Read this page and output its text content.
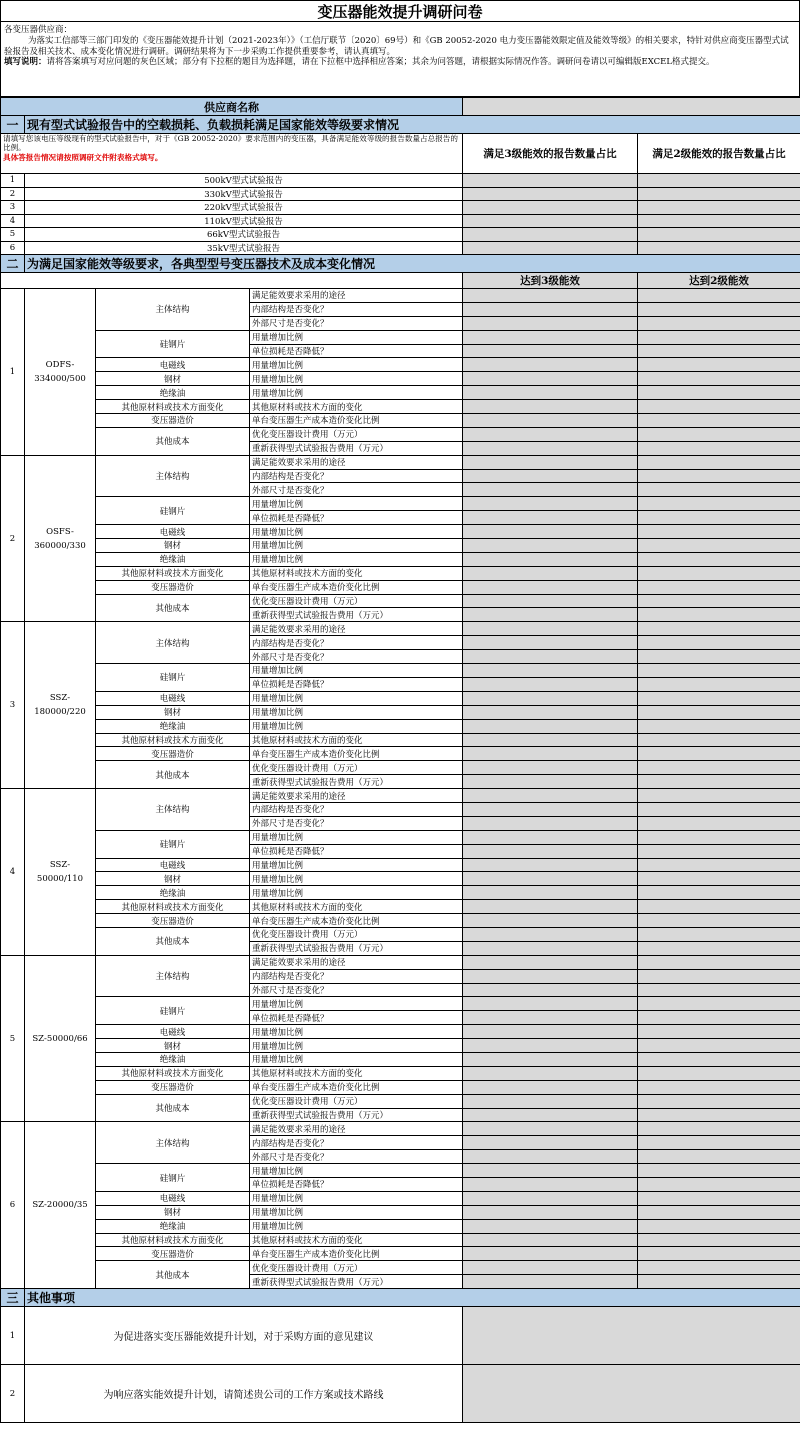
变压器能效提升调研问卷

各变压器供应商：

为落实工信部等三部门印发的《变压器能效提升计划（2021-2023年）》（工信厅联节〔2020〕69号）和《GB 20052-2020 电力变压器能效限定值及能效等级》的相关要求，特针对供应商变压器型式试验报告及相关技术、成本变化情况进行调研。调研结果将为下一步采购工作提供重要参考，请认真填写。

填写说明：请将答案填写对应问题的灰色区域；部分有下拉框的题目为选择题，请在下拉框中选择相应答案；其余为问答题，请根据实际情况作答。调研问卷请以可编辑版EXCEL格式提交。

供应商名称					
一	现有型式试验报告中的空载损耗、负载损耗满足国家能效等级要求情况				

请填写您该电压等级现有的型式试验报告中，对于《GB 20052-2020》要求范围内的变压器，具备满足能效等级的报告数量占总报告的比例。
具体答报告情况请按照调研文件附表格式填写。				满足3级能效的报告数量占比	满足2级能效的报告数量占比
1	500kV型式试验报告				
2	330kV型式试验报告				
3	220kV型式试验报告				
4	110kV型式试验报告				
5	66kV型式试验报告				
6	35kV型式试验报告				
二	为满足国家能效等级要求，各典型型号变压器技术及成本变化情况				
				达到3级能效	达到2级能效
1	ODFS-334000/500	主体结构	满足能效要求采用的途径		
			内部结构是否变化？		
			外部尺寸是否变化？		
		硅钢片	用量增加比例		
			单位损耗是否降低？		
		电磁线	用量增加比例		
		钢材	用量增加比例		
		绝缘油	用量增加比例		
		其他原材料或技术方面变化	其他原材料或技术方面的变化		
		变压器造价	单台变压器生产成本造价变化比例		
		其他成本	优化变压器设计费用（万元）		
			重新获得型式试验报告费用（万元）		
2	OSFS-360000/330	主体结构	满足能效要求采用的途径		
			内部结构是否变化？		
			外部尺寸是否变化？		
		硅钢片	用量增加比例		
			单位损耗是否降低？		
		电磁线	用量增加比例		
		钢材	用量增加比例		
		绝缘油	用量增加比例		
		其他原材料或技术方面变化	其他原材料或技术方面的变化		
		变压器造价	单台变压器生产成本造价变化比例		
		其他成本	优化变压器设计费用（万元）		
			重新获得型式试验报告费用（万元）		
3	SSZ-180000/220	主体结构	满足能效要求采用的途径		
			内部结构是否变化？		
			外部尺寸是否变化？		
		硅钢片	用量增加比例		
			单位损耗是否降低？		
		电磁线	用量增加比例		
		钢材	用量增加比例		
		绝缘油	用量增加比例		
		其他原材料或技术方面变化	其他原材料或技术方面的变化		
		变压器造价	单台变压器生产成本造价变化比例		
		其他成本	优化变压器设计费用（万元）		
			重新获得型式试验报告费用（万元）		
4	SSZ-50000/110	主体结构	满足能效要求采用的途径		
			内部结构是否变化？		
			外部尺寸是否变化？		
		硅钢片	用量增加比例		
			单位损耗是否降低？		
		电磁线	用量增加比例		
		钢材	用量增加比例		
		绝缘油	用量增加比例		
		其他原材料或技术方面变化	其他原材料或技术方面的变化		
		变压器造价	单台变压器生产成本造价变化比例		
		其他成本	优化变压器设计费用（万元）		
			重新获得型式试验报告费用（万元）		
5	SZ-50000/66	主体结构	满足能效要求采用的途径		
			内部结构是否变化？		
			外部尺寸是否变化？		
		硅钢片	用量增加比例		
			单位损耗是否降低？		
		电磁线	用量增加比例		
		钢材	用量增加比例		
		绝缘油	用量增加比例		
		其他原材料或技术方面变化	其他原材料或技术方面的变化		
		变压器造价	单台变压器生产成本造价变化比例		
		其他成本	优化变压器设计费用（万元）		
			重新获得型式试验报告费用（万元）		
6	SZ-20000/35	主体结构	满足能效要求采用的途径		
			内部结构是否变化？		
			外部尺寸是否变化？		
		硅钢片	用量增加比例		
			单位损耗是否降低？		
		电磁线	用量增加比例		
		钢材	用量增加比例		
		绝缘油	用量增加比例		
		其他原材料或技术方面变化	其他原材料或技术方面的变化		
		变压器造价	单台变压器生产成本造价变化比例		
		其他成本	优化变压器设计费用（万元）		
			重新获得型式试验报告费用（万元）		
三	其他事项				
1	为促进落实变压器能效提升计划，对于采购方面的意见建议				
2	为响应落实能效提升计划，请简述贵公司的工作方案或技术路线				
